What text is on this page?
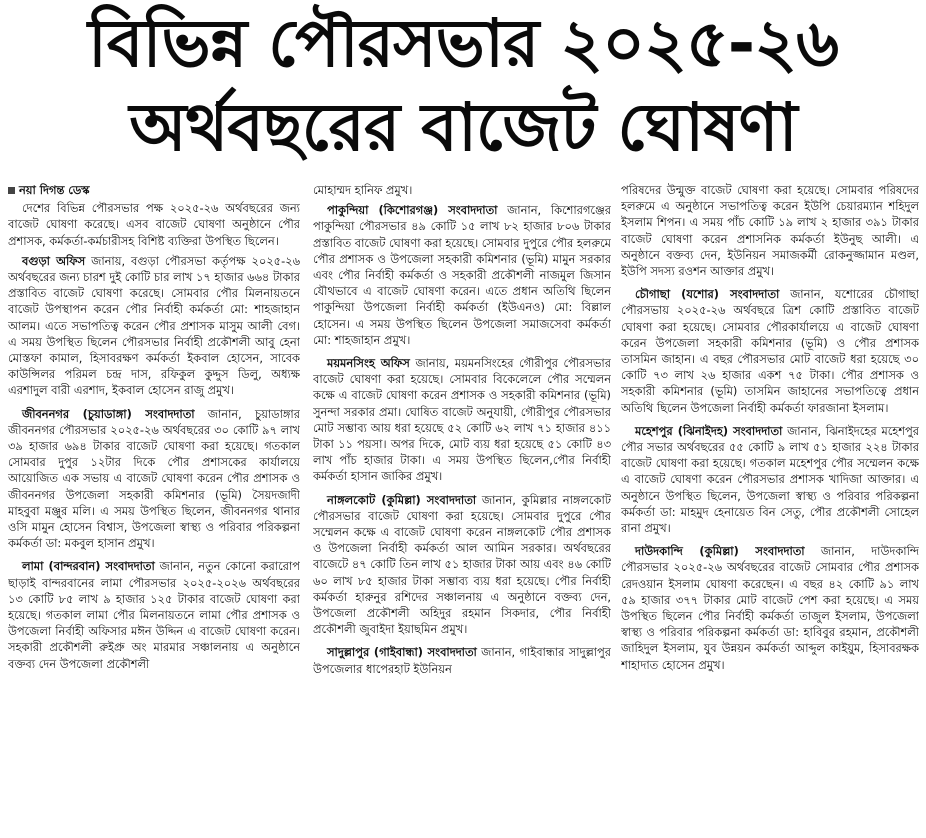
বিভিন্ন পৌরসভার ২০২৫-২৬
অর্থবছরের বাজেট ঘোষণা
নয়া দিগন্ত ডেস্ক

দেশের বিভিন্ন পৌরসভার পক্ষ ২০২৫-২৬ অর্থবছরের জন্য বাজেট ঘোষণা করেছে। এসব বাজেট ঘোষণা অনুষ্ঠানে পৌর প্রশাসক, কর্মকর্তা-কর্মচারীসহ বিশিষ্ট ব্যক্তিরা উপস্থিত ছিলেন।

বগুড়া অফিস জানায়, বগুড়া পৌরসভা কর্তৃপক্ষ ২০২৫-২৬ অর্থবছরের জন্য চারশ দুই কোটি চার লাখ ১৭ হাজার ৬৬৪ টাকার প্রস্তাবিত বাজেট ঘোষণা করেছে। সোমবার পৌর মিলনায়তনে বাজেট উপস্থাপন করেন পৌর নির্বাহী কর্মকর্তা মো: শাহজাহান আলম। এতে সভাপতিত্ব করেন পৌর প্রশাসক মাসুম আলী বেগ। এ সময় উপস্থিত ছিলেন পৌরসভার নির্বাহী প্রকৌশলী আবু হেনা মোস্তফা কামাল, হিসাবরক্ষণ কর্মকর্তা ইকবাল হোসেন, সাবেক কাউন্সিলর পরিমল চন্দ্র দাস, রফিকুল কুদ্দুস ডিলু, অধ্যক্ষ এরশাদুল বারী এরশাদ, ইকবাল হোসেন রাজু প্রমুখ।

জীবননগর (চুয়াডাঙ্গা) সংবাদদাতা জানান, চুয়াডাঙ্গার জীবননগর পৌরসভার ২০২৫-২৬ অর্থবছরের ৩০ কোটি ৯৭ লাখ ৩৯ হাজার ৬৯৪ টাকার বাজেট ঘোষণা করা হয়েছে। গতকাল সোমবার দুপুর ১২টার দিকে পৌর প্রশাসকের কার্যালয়ে আয়োজিত এক সভায় এ বাজেট ঘোষণা করেন পৌর প্রশাসক ও জীবননগর উপজেলা সহকারী কমিশনার (ভূমি) সৈয়দজাদী মাহবুবা মঞ্জুর মলি। এ সময় উপস্থিত ছিলেন, জীবননগর থানার ওসি মামুন হোসেন বিশ্বাস, উপজেলা স্বাস্থ্য ও পরিবার পরিকল্পনা কর্মকর্তা ডা: মকবুল হাসান প্রমুখ।

লামা (বান্দরবান) সংবাদদাতা জানান, নতুন কোনো করারোপ ছাড়াই বান্দরবানের লামা পৌরসভার ২০২৫-২০২৬ অর্থবছরের ১৩ কোটি ৮৫ লাখ ৯ হাজার ১২৫ টাকার বাজেট ঘোষণা করা হয়েছে। গতকাল লামা পৌর মিলনায়তনে লামা পৌর প্রশাসক ও উপজেলা নির্বাহী অফিসার মঈন উদ্দিন এ বাজেট ঘোষণা করেন। সহকারী প্রকৌশলী রুইপ্রু অং মারমার সঞ্চালনায় এ অনুষ্ঠানে বক্তব্য দেন উপজেলা প্রকৌশলী

মোহাম্মদ হানিফ প্রমুখ।

পাকুন্দিয়া (কিশোরগঞ্জ) সংবাদদাতা জানান, কিশোরগঞ্জের পাকুন্দিয়া পৌরসভার ৪৯ কোটি ১৫ লাখ ৮২ হাজার ৮০৬ টাকার প্রস্তাবিত বাজেট ঘোষণা করা হয়েছে। সোমবার দুপুরে পৌর হলরুমে পৌর প্রশাসক ও উপজেলা সহকারী কমিশনার (ভূমি) মামুন সরকার এবং পৌর নির্বাহী কর্মকর্তা ও সহকারী প্রকৌশলী নাজমুল জিসান যৌথভাবে এ বাজেট ঘোষণা করেন। এতে প্রধান অতিথি ছিলেন পাকুন্দিয়া উপজেলা নির্বাহী কর্মকর্তা (ইউএনও) মো: বিল্লাল হোসেন। এ সময় উপস্থিত ছিলেন উপজেলা সমাজসেবা কর্মকর্তা মো: শাহজাহান প্রমুখ।

ময়মনসিংহ অফিস জানায়, ময়মনসিংহের গৌরীপুর পৌরসভার বাজেট ঘোষণা করা হয়েছে। সোমবার বিকেলেলে পৌর সম্মেলন কক্ষে এ বাজেট ঘোষণা করেন প্রশাসক ও সহকারী কমিশনার (ভূমি) সুনন্দা সরকার প্রমা। ঘোষিত বাজেট অনুযায়ী, গৌরীপুর পৌরসভার মোট সম্ভাব্য আয় ধরা হয়েছে ৫২ কোটি ৬২ লাখ ৭১ হাজার ৪১১ টাকা ১১ পয়সা। অপর দিকে, মোট ব্যয় ধরা হয়েছে ৫১ কোটি ৪৩ লাখ পাঁচ হাজার টাকা। এ সময় উপস্থিত ছিলেন,পৌর নির্বাহী কর্মকর্তা হাসান জাকির প্রমুখ।

নাঙ্গলকোট (কুমিল্লা) সংবাদদাতা জানান, কুমিল্লার নাঙ্গলকোট পৌরসভার বাজেট ঘোষণা করা হয়েছে। সোমবার দুপুরে পৌর সম্মেলন কক্ষে এ বাজেট ঘোষণা করেন নাঙ্গলকোট পৌর প্রশাসক ও উপজেলা নির্বাহী কর্মকর্তা আল আমিন সরকার। অর্থবছরের বাজেটে ৪৭ কোটি তিন লাখ ৫১ হাজার টাকা আয় এবং ৪৬ কোটি ৬০ লাখ ৮৫ হাজার টাকা সম্ভাব্য ব্যয় ধরা হয়েছে। পৌর নির্বাহী কর্মকর্তা হারুনুর রশিদের সঞ্চালনায় এ অনুষ্ঠানে বক্তব্য দেন, উপজেলা প্রকৌশলী অহিদুর রহমান সিকদার, পৌর নির্বাহী প্রকৌশলী জুবাইদা ইয়াছমিন প্রমুখ।

সাদুল্লাপুর (গাইবান্ধা) সংবাদদাতা জানান, গাইবান্ধার সাদুল্লাপুর উপজেলার ধাপেরহাট ইউনিয়ন

পরিষদের উন্মুক্ত বাজেট ঘোষণা করা হয়েছে। সোমবার পরিষদের হলরুমে এ অনুষ্ঠানে সভাপতিত্ব করেন ইউপি চেয়ারম্যান শহিদুল ইসলাম শিপন। এ সময় পাঁচ কোটি ১৯ লাখ ২ হাজার ৩৯১ টাকার বাজেট ঘোষণা করেন প্রশাসনিক কর্মকর্তা ইউনুছ আলী। এ অনুষ্ঠানে বক্তব্য দেন, ইউনিয়ন সমাজকর্মী রোকনুজ্জামান মণ্ডল, ইউপি সদস্য রওশন আক্তার প্রমুখ।

চৌগাছা (যশোর) সংবাদদাতা জানান, যশোরের চৌগাছা পৌরসভায় ২০২৫-২৬ অর্থবছরে ত্রিশ কোটি প্রস্তাবিত বাজেট ঘোষণা করা হয়েছে। সোমবার পৌরকার্যালয়ে এ বাজেট ঘোষণা করেন উপজেলা সহকারী কমিশনার (ভূমি) ও পৌর প্রশাসক তাসমিন জাহান। এ বছর পৌরসভার মোট বাজেট ধরা হয়েছে ৩০ কোটি ৭৩ লাখ ২৬ হাজার একশ ৭৫ টাকা। পৌর প্রশাসক ও সহকারী কমিশনার (ভূমি) তাসমিন জাহানের সভাপতিত্বে প্রধান অতিথি ছিলেন উপজেলা নির্বাহী কর্মকর্তা ফারজানা ইসলাম।

মহেশপুর (ঝিনাইদহ) সংবাদদাতা জানান, ঝিনাইদহের মহেশপুর পৌর সভার অর্থবছরের ৫৫ কোটি ৯ লাখ ৫১ হাজার ২২৪ টাকার বাজেট ঘোষণা করা হয়েছে। গতকাল মহেশপুর পৌর সম্মেলন কক্ষে এ বাজেট ঘোষণা করেন পৌরসভার প্রশাসক খাদিজা আক্তার। এ অনুষ্ঠানে উপস্থিত ছিলেন, উপজেলা স্বাস্থ্য ও পরিবার পরিকল্পনা কর্মকর্তা ডা: মাহমুদ হেনায়েত বিন সেতু, পৌর প্রকৌশলী সোহেল রানা প্রমুখ।

দাউদকান্দি (কুমিল্লা) সংবাদদাতা জানান, দাউদকান্দি পৌরসভার ২০২৫-২৬ অর্থবছরের বাজেট সোমবার পৌর প্রশাসক রেদওয়ান ইসলাম ঘোষণা করেছেন। এ বছর ৪২ কোটি ৯১ লাখ ৫৯ হাজার ৩৭৭ টাকার মোট বাজেট পেশ করা হয়েছে। এ সময় উপস্থিত ছিলেন পৌর নির্বাহী কর্মকর্তা তাজুল ইসলাম, উপজেলা স্বাস্থ্য ও পরিবার পরিকল্পনা কর্মকর্তা ডা: হাবিবুর রহমান, প্রকৌশলী জাহিদুল ইসলাম, যুব উন্নয়ন কর্মকর্তা আব্দুল কাইয়ুম, হিসাবরক্ষক শাহাদাত হোসেন প্রমুখ।
